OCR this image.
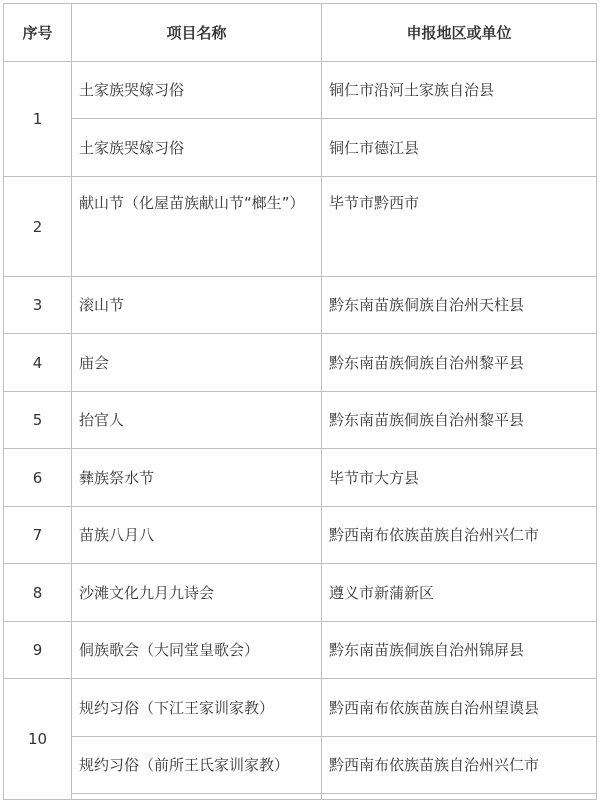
序号	项目名称	申报地区或单位
1	土家族哭嫁习俗	铜仁市沿河土家族自治县
	土家族哭嫁习俗	铜仁市德江县
2	献山节（化屋苗族献山节“榔生”）	毕节市黔西市
3	滚山节	黔东南苗族侗族自治州天柱县
4	庙会	黔东南苗族侗族自治州黎平县
5	抬官人	黔东南苗族侗族自治州黎平县
6	彝族祭水节	毕节市大方县
7	苗族八月八	黔西南布依族苗族自治州兴仁市
8	沙滩文化九月九诗会	遵义市新蒲新区
9	侗族歌会（大同堂皇歌会）	黔东南苗族侗族自治州锦屏县
10	规约习俗（下江王家训家教）	黔西南布依族苗族自治州望谟县
	规约习俗（前所王氏家训家教）	黔西南布依族苗族自治州兴仁市
